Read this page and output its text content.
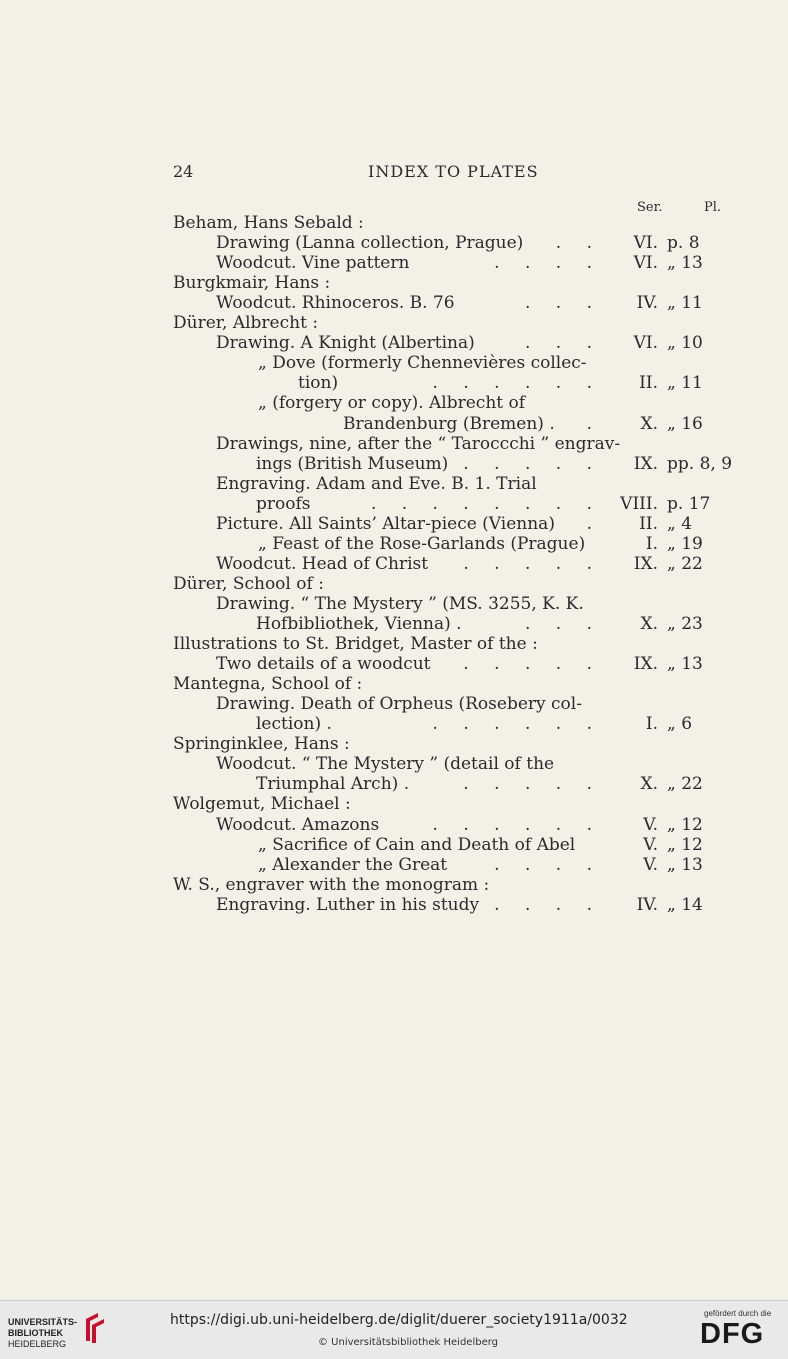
24	INDEX TO PLATES
Ser.	Pl.
Beham, Hans Sebald :
Drawing (Lanna collection, Prague) . . VI. p. 8
Woodcut. Vine pattern	. . . . VI. „ 13
Burgkmair, Hans :
Woodcut. Rhinoceros. B. 76	. . . IV. „ 11
Dürer, Albrecht :
Drawing. A Knight (Albertina)	. . . VI. „ 10
„ Dove (formerly Chennevières collec-
tion)	. . . . . . II. „ 11
„ (forgery or copy). Albrecht of
Brandenburg (Bremen) . . X. „ 16
Drawings, nine, after the “ Taroccchi ” engrav-
ings (British Museum) . . . . . IX. pp. 8, 9
Engraving. Adam and Eve. B. 1. Trial
proofs	. . . . . . . . VIII. p. 17
Picture. All Saints’ Altar-piece (Vienna) . II. „ 4
„ Feast of the Rose-Garlands (Prague)	I. „ 19
Woodcut. Head of Christ . . . . . IX. „ 22
Dürer, School of :
Drawing. “ The Mystery ” (MS. 3255, K. K.
Hofbibliothek, Vienna) .	. . . X. „ 23
Illustrations to St. Bridget, Master of the :
Two details of a woodcut . . . . . IX. „ 13
Mantegna, School of :
Drawing. Death of Orpheus (Rosebery col-
lection) .	. . . . . .	I. „ 6
Springinklee, Hans :
Woodcut. “ The Mystery ” (detail of the
Triumphal Arch) .	. . . . . X. „ 22
Wolgemut, Michael :
Woodcut. Amazons	. . . . . . V. „ 12
„ Sacrifice of Cain and Death of Abel	V. „ 12
„ Alexander the Great	. . . . V. „ 13
W. S., engraver with the monogram :
Engraving. Luther in his study . . . . IV. „ 14
UNIVERSITÄTS-
BIBLIOTHEK
HEIDELBERG
https://digi.ub.uni-heidelberg.de/diglit/duerer_society1911a/0032
© Universitätsbibliothek Heidelberg
gefördert durch die
DFG
